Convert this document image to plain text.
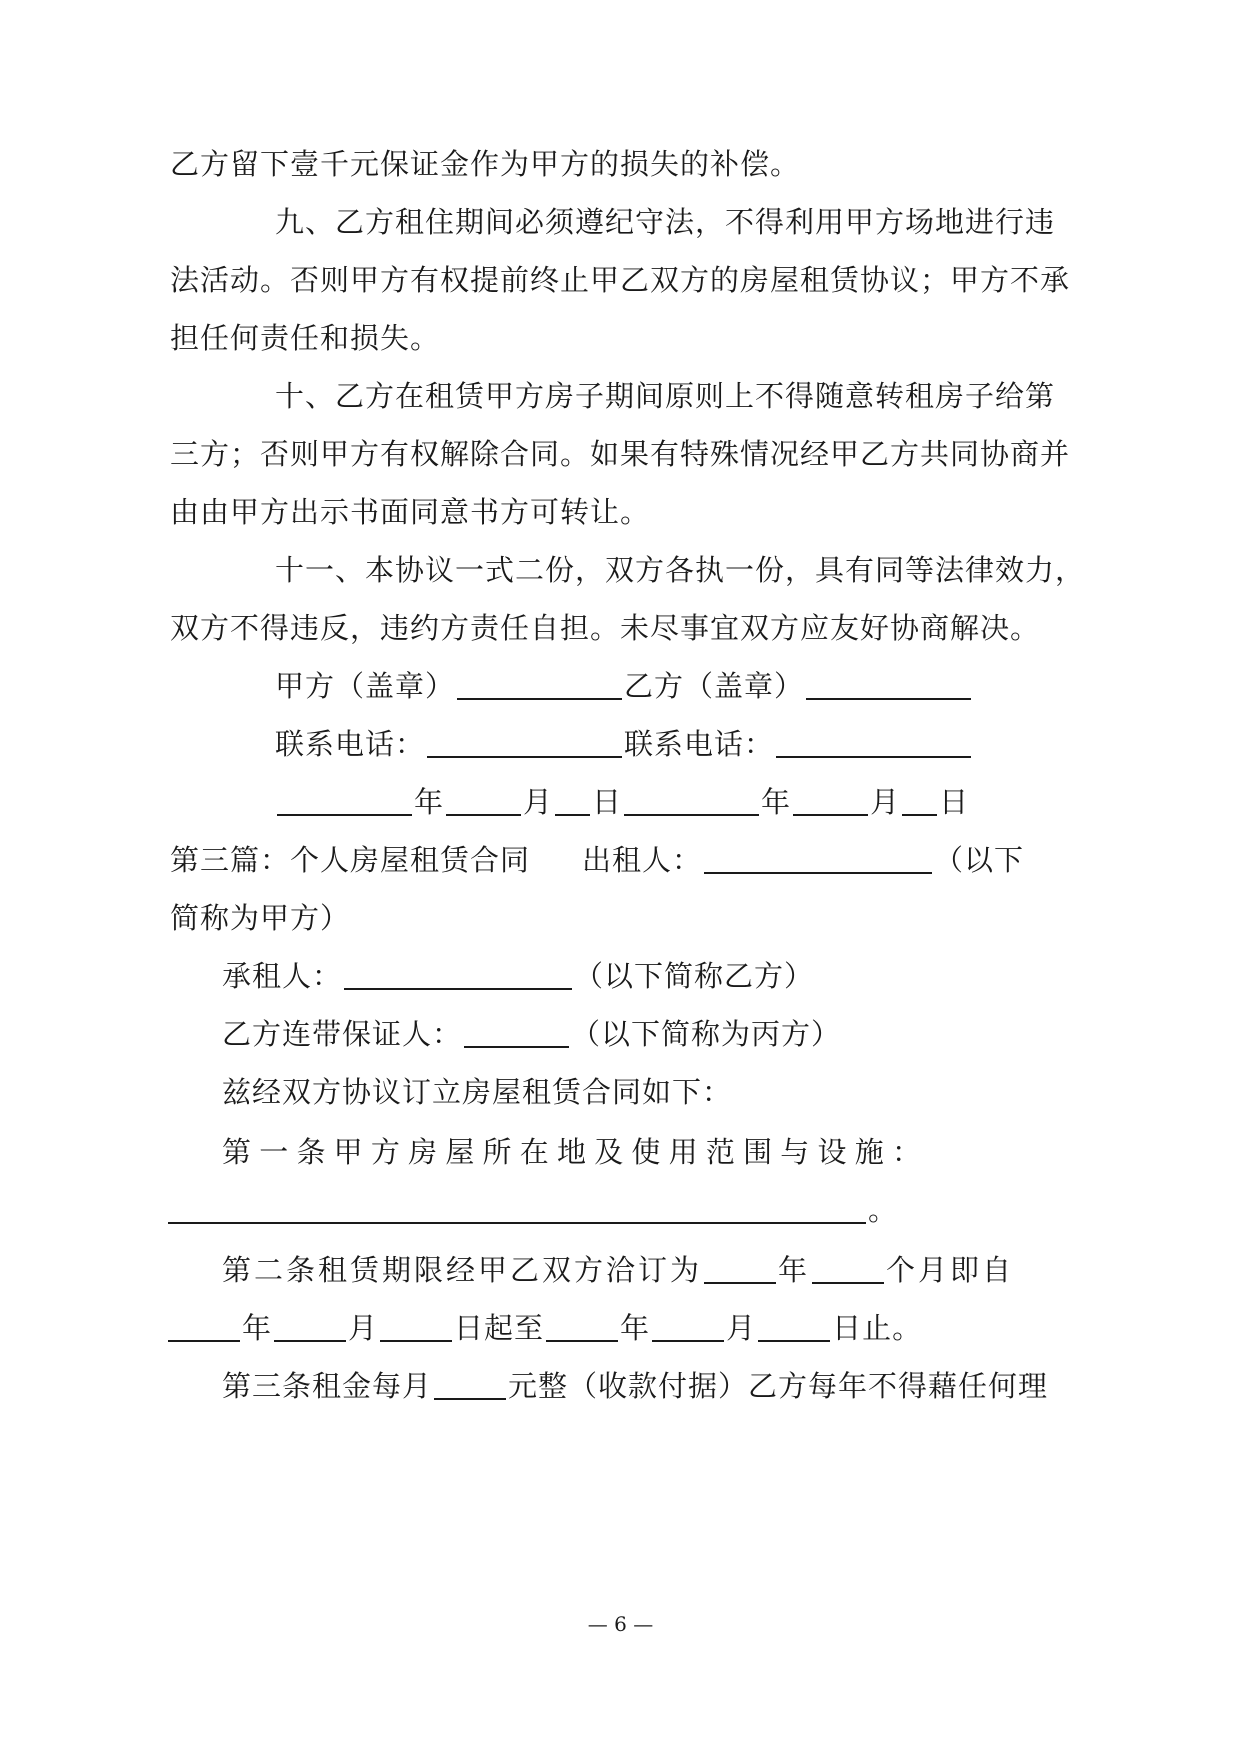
乙方留下壹千元保证金作为甲方的损失的补偿。
九、乙方租住期间必须遵纪守法，不得利用甲方场地进行违
法活动。否则甲方有权提前终止甲乙双方的房屋租赁协议；甲方不承
担任何责任和损失。
十、乙方在租赁甲方房子期间原则上不得随意转租房子给第
三方；否则甲方有权解除合同。如果有特殊情况经甲乙方共同协商并
由由甲方出示书面同意书方可转让。
十一、本协议一式二份，双方各执一份，具有同等法律效力，
双方不得违反，违约方责任自担。未尽事宜双方应友好协商解决。
甲方（盖章）	乙方（盖章）
联系电话：	联系电话：
年	月 日	年	月 日
第三篇：个人房屋租赁合同 出租人：	（以下
简称为甲方）
承租人：	（以下简称乙方）
乙方连带保证人：	（以下简称为丙方）
兹经双方协议订立房屋租赁合同如下：
第 一 条 甲 方 房 屋 所 在 地 及 使 用 范 围 与 设 施 ：
。
第二条租赁期限经甲乙双方洽订为	年	个月即自
年	月	日起至	年	月	日止。
第三条租金每月	元整（收款付据）乙方每年不得藉任何理
— 6 —
